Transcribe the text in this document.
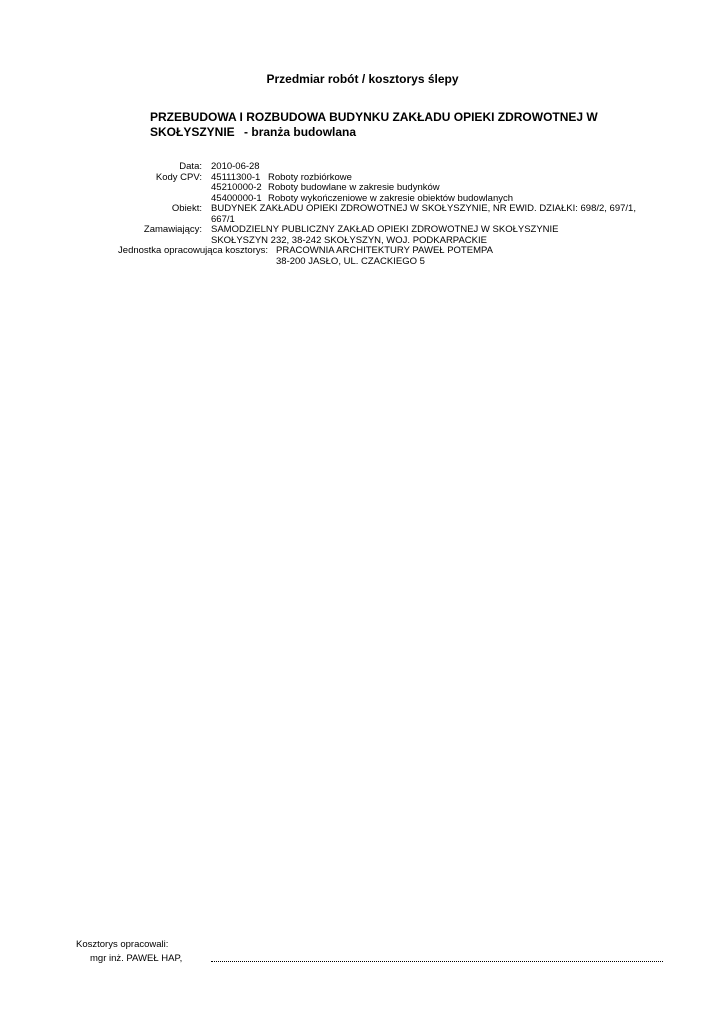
Przedmiar robót / kosztorys ślepy
PRZEBUDOWA I ROZBUDOWA BUDYNKU ZAKŁADU OPIEKI ZDROWOTNEJ W SKOŁYSZYNIE - branża budowlana
Data: 2010-06-28
Kody CPV: 45111300-1 Roboty rozbiórkowe
45210000-2 Roboty budowlane w zakresie budynków
45400000-1 Roboty wykończeniowe w zakresie obiektów budowlanych
Obiekt: BUDYNEK ZAKŁADU OPIEKI ZDROWOTNEJ W SKOŁYSZYNIE, NR EWID. DZIAŁKI: 698/2, 697/1,
667/1
Zamawiający: SAMODZIELNY PUBLICZNY ZAKŁAD OPIEKI ZDROWOTNEJ W SKOŁYSZYNIE
SKOŁYSZYN 232, 38-242 SKOŁYSZYN, WOJ. PODKARPACKIE
Jednostka opracowująca kosztorys: PRACOWNIA ARCHITEKTURY PAWEŁ POTEMPA
38-200 JASŁO, UL. CZACKIEGO 5
Kosztorys opracowali:
mgr inż. PAWEŁ HAP,
